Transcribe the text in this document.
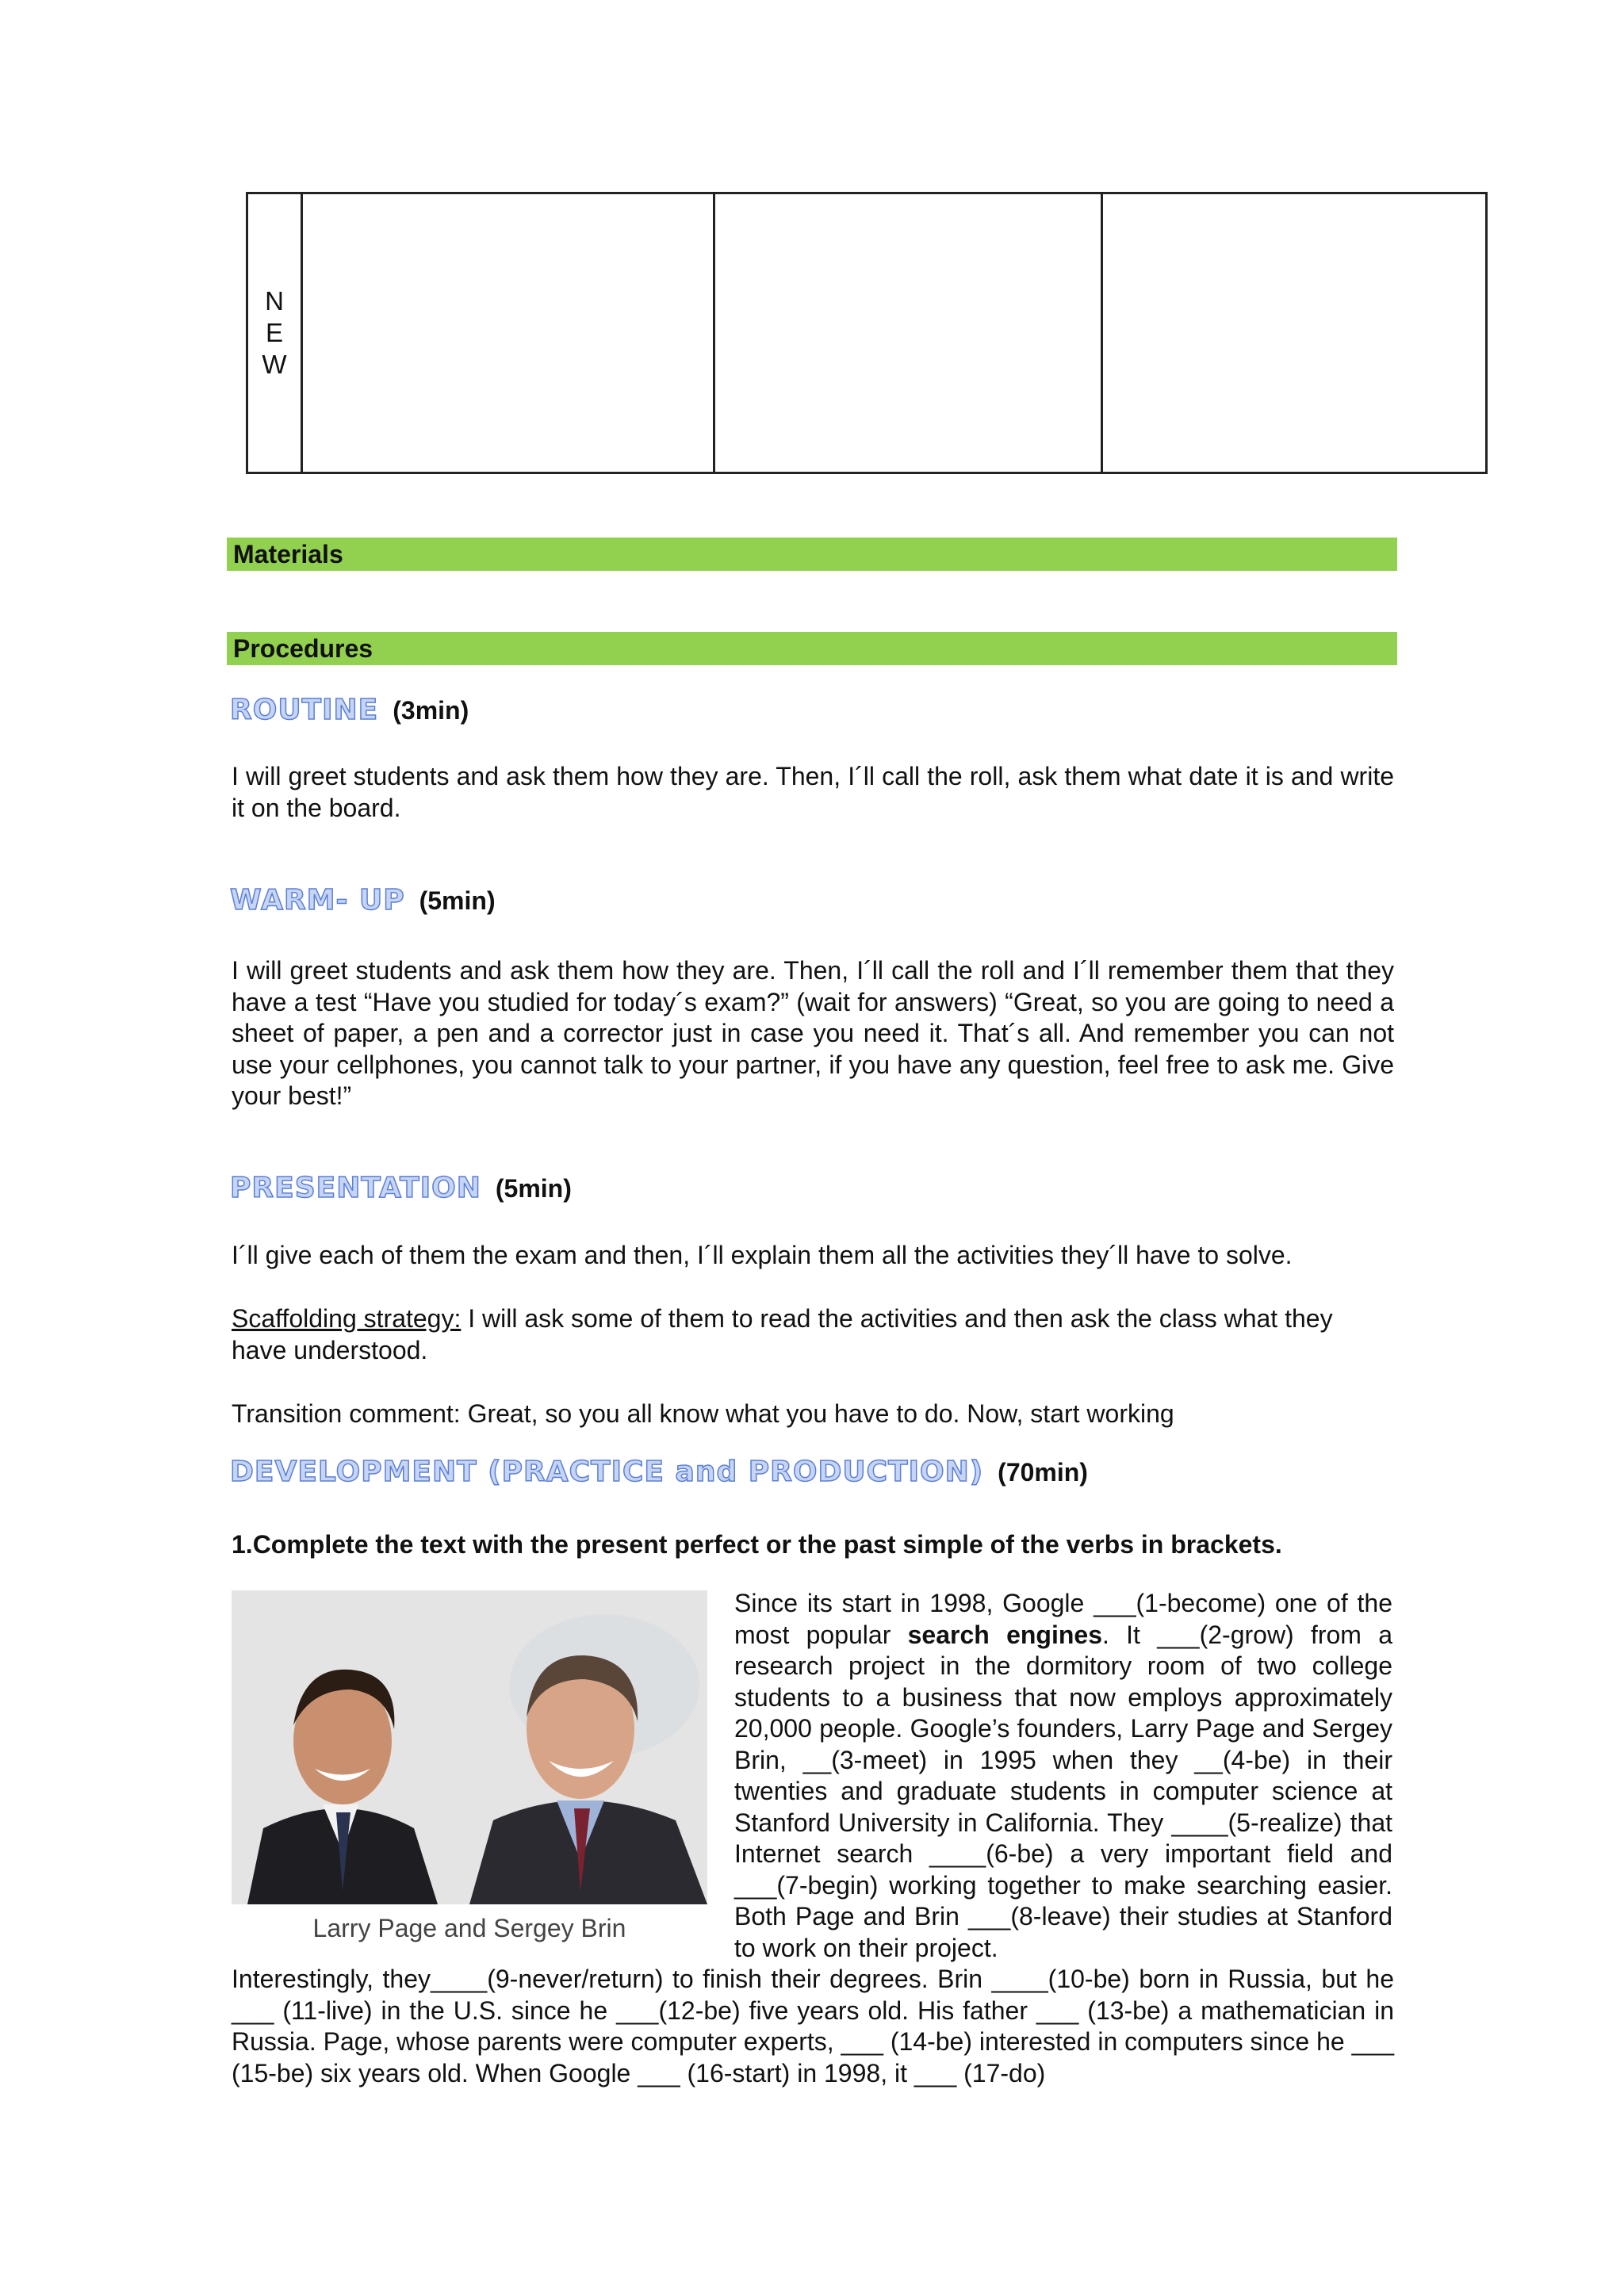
N
E
W

Materials
Procedures
ROUTINE (3min)
I will greet students and ask them how they are. Then, I´ll call the roll, ask them what date it is and write it on the board.
WARM- UP (5min)
I will greet students and ask them how they are. Then, I´ll call the roll and I´ll remember them that they have a test “Have you studied for today´s exam?” (wait for answers) “Great, so you are going to need a sheet of paper, a pen and a corrector just in case you need it. That´s all. And remember you can not use your cellphones, you cannot talk to your partner, if you have any question, feel free to ask me. Give your best!”
PRESENTATION (5min)
I´ll give each of them the exam and then, I´ll explain them all the activities they´ll have to solve.
Scaffolding strategy: I will ask some of them to read the activities and then ask the class what they have understood.
Transition comment: Great, so you all know what you have to do. Now, start working
DEVELOPMENT (PRACTICE and PRODUCTION) (70min)
1.Complete the text with the present perfect or the past simple of the verbs in brackets.
Larry Page and Sergey Brin
Since its start in 1998, Google ___(1-become) one of the most popular search engines. It ___(2-grow) from a research project in the dormitory room of two college students to a business that now employs approximately 20,000 people. Google’s founders, Larry Page and Sergey Brin, __(3-meet) in 1995 when they __(4-be) in their twenties and graduate students in computer science at Stanford University in California. They ____(5-realize) that Internet search ____(6-be) a very important field and ___(7-begin) working together to make searching easier. Both Page and Brin ___(8-leave) their studies at Stanford to work on their project.
Interestingly, they____(9-never/return) to finish their degrees. Brin ____(10-be) born in Russia, but he ___ (11-live) in the U.S. since he ___(12-be) five years old. His father ___ (13-be) a mathematician in Russia. Page, whose parents were computer experts, ___ (14-be) interested in computers since he ___ (15-be) six years old. When Google ___ (16-start) in 1998, it ___ (17-do)
